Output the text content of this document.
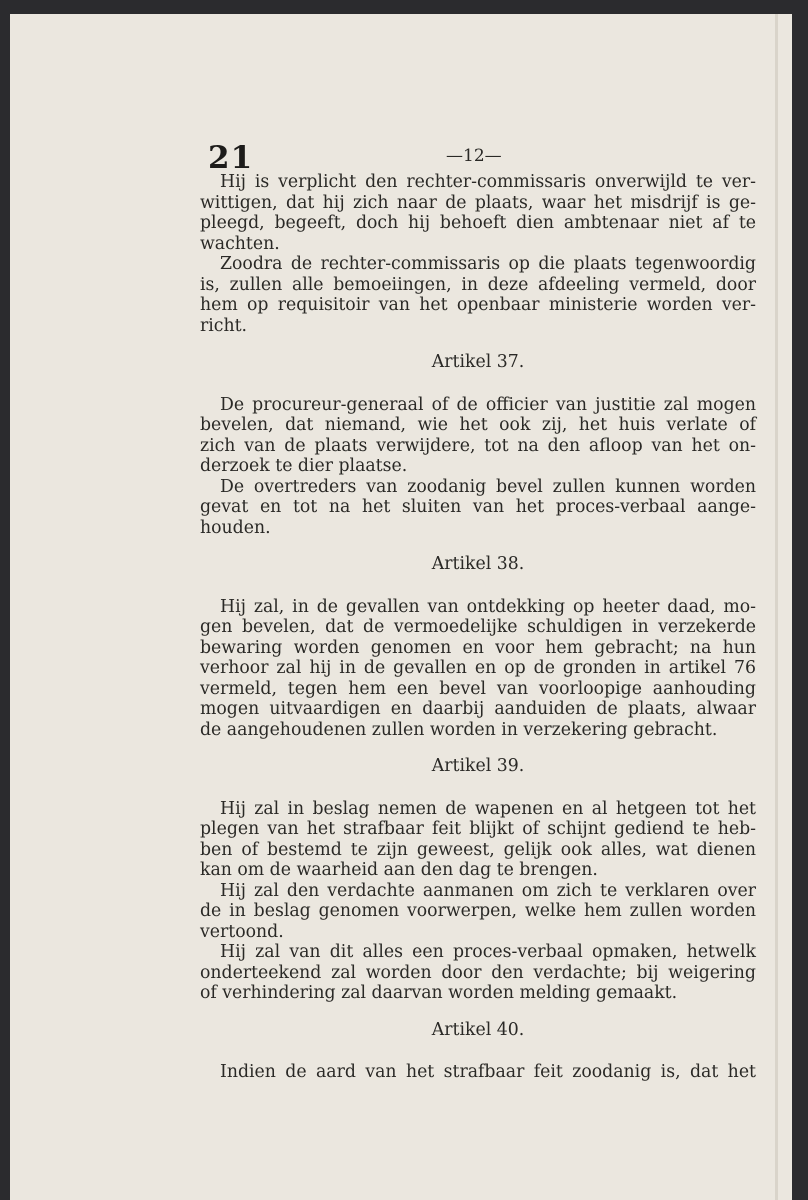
21	—12—
Hij is verplicht den rechter-commissaris onverwijld te ver-
wittigen, dat hij zich naar de plaats, waar het misdrijf is ge-
pleegd, begeeft, doch hij behoeft dien ambtenaar niet af te
wachten.
Zoodra de rechter-commissaris op die plaats tegenwoordig
is, zullen alle bemoeiingen, in deze afdeeling vermeld, door
hem op requisitoir van het openbaar ministerie worden ver-
richt.
Artikel 37.
De procureur-generaal of de officier van justitie zal mogen
bevelen, dat niemand, wie het ook zij, het huis verlate of
zich van de plaats verwijdere, tot na den afloop van het on-
derzoek te dier plaatse.
De overtreders van zoodanig bevel zullen kunnen worden
gevat en tot na het sluiten van het proces-verbaal aange-
houden.
Artikel 38.
Hij zal, in de gevallen van ontdekking op heeter daad, mo-
gen bevelen, dat de vermoedelijke schuldigen in verzekerde
bewaring worden genomen en voor hem gebracht; na hun
verhoor zal hij in de gevallen en op de gronden in artikel 76
vermeld, tegen hem een bevel van voorloopige aanhouding
mogen uitvaardigen en daarbij aanduiden de plaats, alwaar
de aangehoudenen zullen worden in verzekering gebracht.
Artikel 39.
Hij zal in beslag nemen de wapenen en al hetgeen tot het
plegen van het strafbaar feit blijkt of schijnt gediend te heb-
ben of bestemd te zijn geweest, gelijk ook alles, wat dienen
kan om de waarheid aan den dag te brengen.
Hij zal den verdachte aanmanen om zich te verklaren over
de in beslag genomen voorwerpen, welke hem zullen worden
vertoond.
Hij zal van dit alles een proces-verbaal opmaken, hetwelk
onderteekend zal worden door den verdachte; bij weigering
of verhindering zal daarvan worden melding gemaakt.
Artikel 40.
Indien de aard van het strafbaar feit zoodanig is, dat het
